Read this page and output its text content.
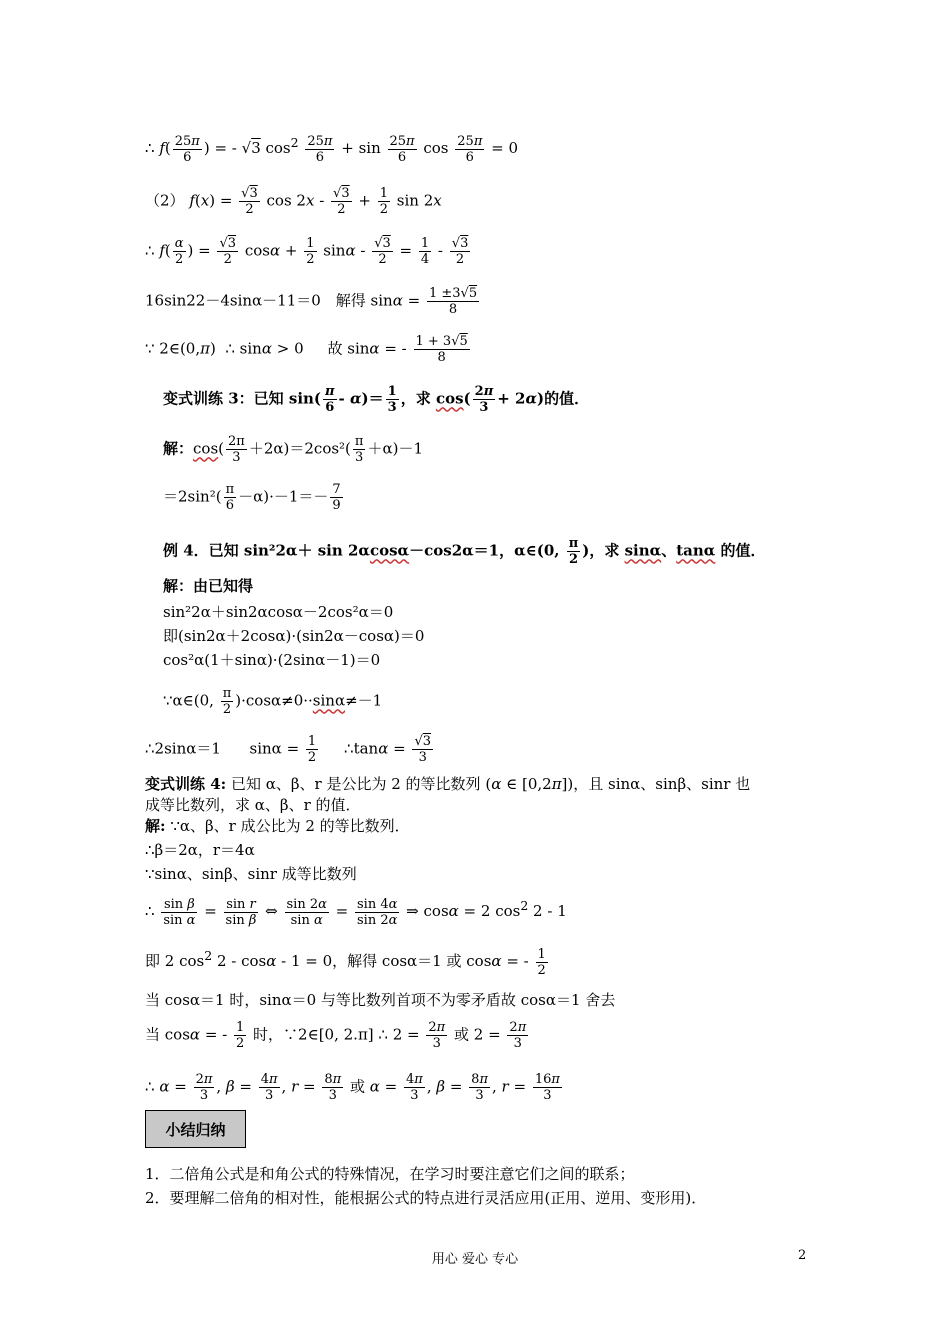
∴ $f( \frac{25\pi}{6}$ ) = - √3 $\cos^2 \frac{25\pi}{6} + \sin \frac{25\pi}{6}$ $\cos \frac{25\pi}{6} = 0$
（2） $f(x) = \frac{√3}{2}$ $\cos 2x - \frac{√3}{2} + \frac{1}{2}$ sin 2x
∴ $f( \frac{\alpha}{2}$ ) = $\frac{√3}{2}$ $\cos\alpha + \frac{1}{2}$ $\sin\alpha - \frac{√3}{2} = \frac{1}{4} - \frac{√3}{2}$
16sin22－4sinα－11＝0　解得 $\sin\alpha = \frac{1 \pm 3√5}{8}$
∵ 2∈(0,π)  ∴ sinα > 0     故 sinα = - $\frac{1 + 3√5}{8}$
变式训练 3：已知 $\sin( \frac{\pi}{6} - \alpha)= \frac{1}{3}$ ，求 $\cos( \frac{2\pi}{3} + 2\alpha)$的值．
解：$\cos( \frac{2\pi}{3} +2\alpha)=2\cos^2( \frac{\pi}{3} +\alpha)-1$
$=2\sin^2( \frac{\pi}{6} -\alpha)\cdot-1=- \frac{7}{9}$
例 4．已知 sin²2α＋ sin 2αcosα－cos2α＝1，α∈(0, $\frac{\pi}{2}$ )，求 sinα、tanα 的值．
解：由已知得
sin²2α＋sin2αcosα－2cos²α＝0
即(sin2α＋2cosα)·(sin2α－cosα)＝0
cos²α(1＋sinα)·(2sinα－1)＝0
∵α∈(0, $\frac{\pi}{2} )\cdot\cos\alpha\ne 0\cdot\cdot\sin\alpha\ne-1$
∴2sinα＝1      $\sin\alpha = \frac{1}{2}$ ∴tanα = $\frac{√3}{3}$
变式训练 4: 已知 α、β、r 是公比为 2 的等比数列 (α ∈ [0,2π])，且 sinα、sinβ、sinr 也
成等比数列，求 α、β、r 的值．
解: ∵α、β、r 成公比为 2 的等比数列．
∴β＝2α，r＝4α
∵sinα、sinβ、sinr 成等比数列
∴ $\frac{\text{sin β}}{\text{sin α}} = \frac{\text{sin r}}{\text{sin β}}$ ⇔ $\frac{\sin 2\alpha}{\text{sin α}} = \frac{\sin 4\alpha}{\sin 2\alpha}$ ⇒ cosα = 2 $\cos^2 2 - 1$
即 2 $\cos^2 2 - \cos\alpha - 1 = 0$，解得 cosα＝1 或 cosα = - $\frac{1}{2}$
当 cosα＝1 时，sinα＝0 与等比数列首项不为零矛盾故 cosα＝1 舍去
当 cosα = - $\frac{1}{2}$ 时，∵2∈[0, 2.π] ∴ $2 = \frac{2\pi}{3}$ 或 $2 = \frac{2\pi}{3}$
∴ $\alpha = \frac{2\pi}{3}$ , $\beta = \frac{4\pi}{3}$ , $r = \frac{8\pi}{3}$ 或 $\alpha = \frac{4\pi}{3}$ , $\beta = \frac{8\pi}{3}$ , $r = \frac{16\pi}{3}$
小结归纳
1．二倍角公式是和角公式的特殊情况，在学习时要注意它们之间的联系；
2．要理解二倍角的相对性，能根据公式的特点进行灵活应用(正用、逆用、变形用)．
用心 爱心 专心	2
